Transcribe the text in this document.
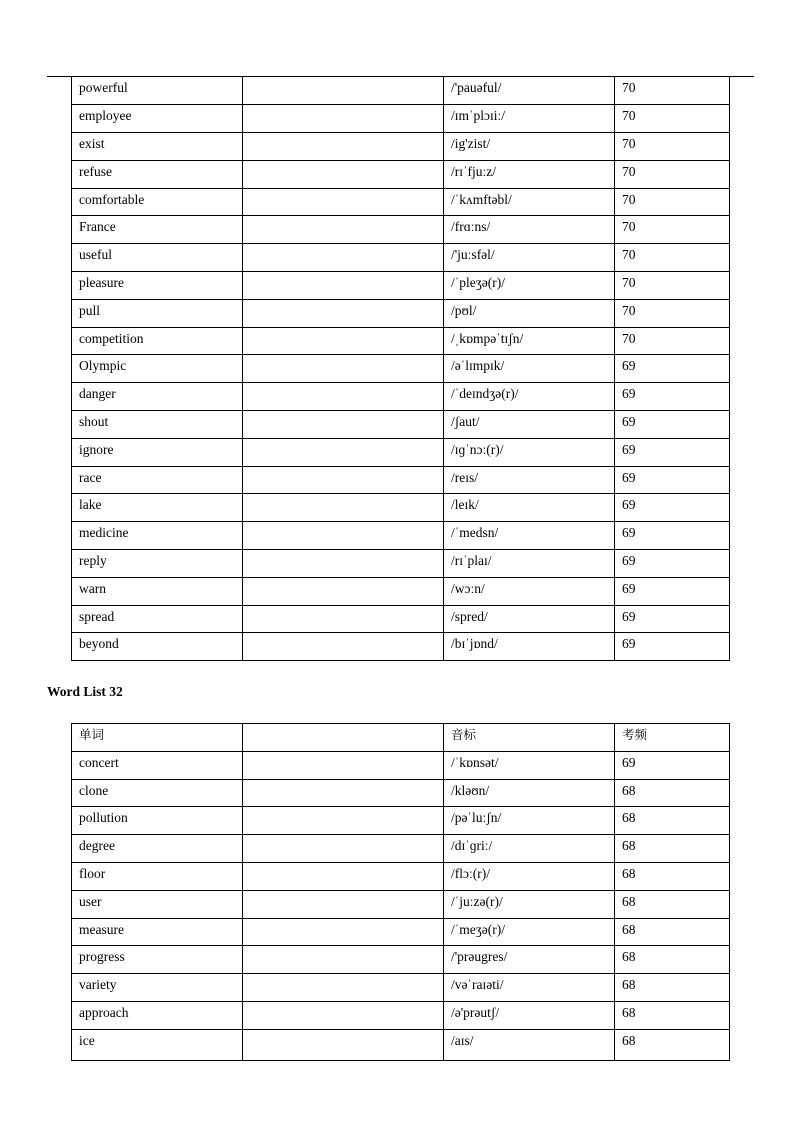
powerful		/'pauəful/	70
employee		/ɪmˈplɔɪiː/	70
exist		/ig'zist/	70
refuse		/rɪˈfjuːz/	70
comfortable		/ˈkʌmftəbl/	70
France		/frɑːns/	70
useful		/'juːsfəl/	70
pleasure		/ˈpleʒə(r)/	70
pull		/pʊl/	70
competition		/ˌkɒmpəˈtɪʃn/	70
Olympic		/əˈlɪmpɪk/	69
danger		/ˈdeɪndʒə(r)/	69
shout		/ʃaut/	69
ignore		/ɪɡˈnɔː(r)/	69
race		/reɪs/	69
lake		/leɪk/	69
medicine		/ˈmedsn/	69
reply		/rɪˈplaɪ/	69
warn		/wɔːn/	69
spread		/spred/	69
beyond		/bɪˈjɒnd/	69
Word List 32
单词		音标	考频
concert		/ˈkɒnsət/	69
clone		/kləʊn/	68
pollution		/pəˈluːʃn/	68
degree		/dɪˈɡriː/	68
floor		/flɔː(r)/	68
user		/ˈjuːzə(r)/	68
measure		/ˈmeʒə(r)/	68
progress		/'prəugres/	68
variety		/vəˈraɪəti/	68
approach		/ə'prəutʃ/	68
ice		/aɪs/	68
